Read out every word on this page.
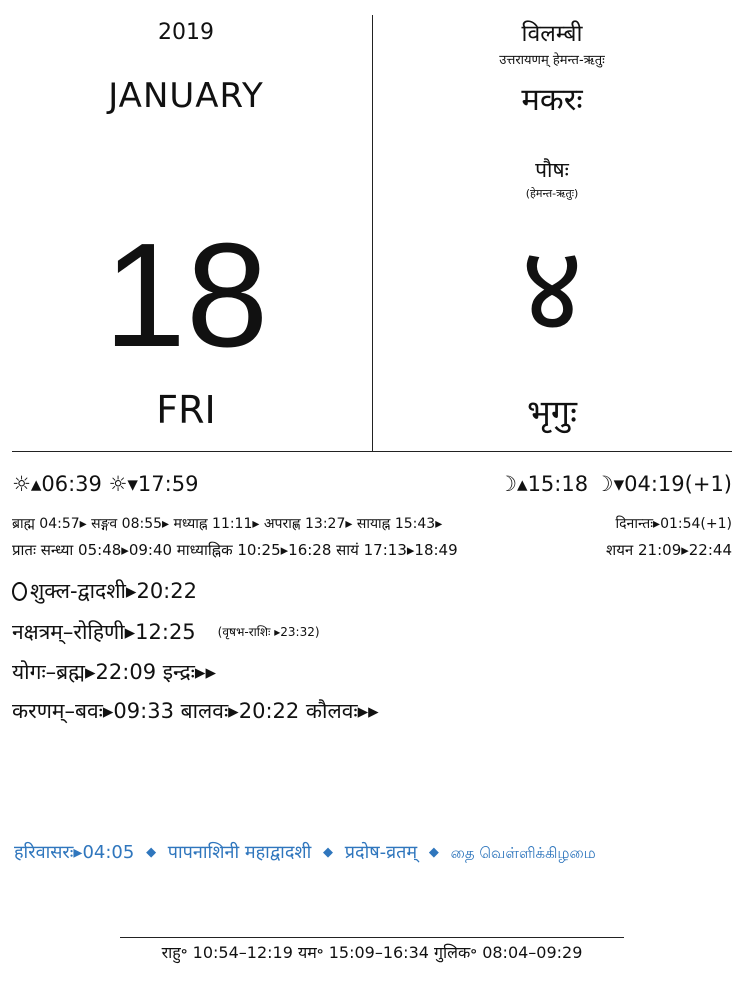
2019
JANUARY
18
FRI
विलम्बी
उत्तरायणम् हेमन्त-ऋतुः
मकरः
पौषः
(हेमन्त-ऋतुः)
४
भृगुः
☼▴06:39 ☼▾17:59	☽▴15:18 ☽▾04:19(+1)
ब्राह्म 04:57▸ सङ्गव 08:55▸ मध्याह्न 11:11▸ अपराह्ण 13:27▸ सायाह्न 15:43▸	दिनान्तः▸01:54(+1)
प्रातः सन्ध्या 05:48▸09:40 माध्याह्निक 10:25▸16:28 सायं 17:13▸18:49	शयन 21:09▸22:44
शुक्ल-द्वादशी▸20:22
नक्षत्रम्–रोहिणी▸12:25 (वृषभ-राशिः ▸23:32)
योगः–ब्रह्म▸22:09 इन्द्रः▸▸
करणम्–बवः▸09:33 बालवः▸20:22 कौलवः▸▸
हरिवासरः▸04:05 ◆ पापनाशिनी महाद्वादशी ◆ प्रदोष-व्रतम् ◆ தை வெள்ளிக்கிழமை
राहु॰ 10:54–12:19 यम॰ 15:09–16:34 गुलिक॰ 08:04–09:29
